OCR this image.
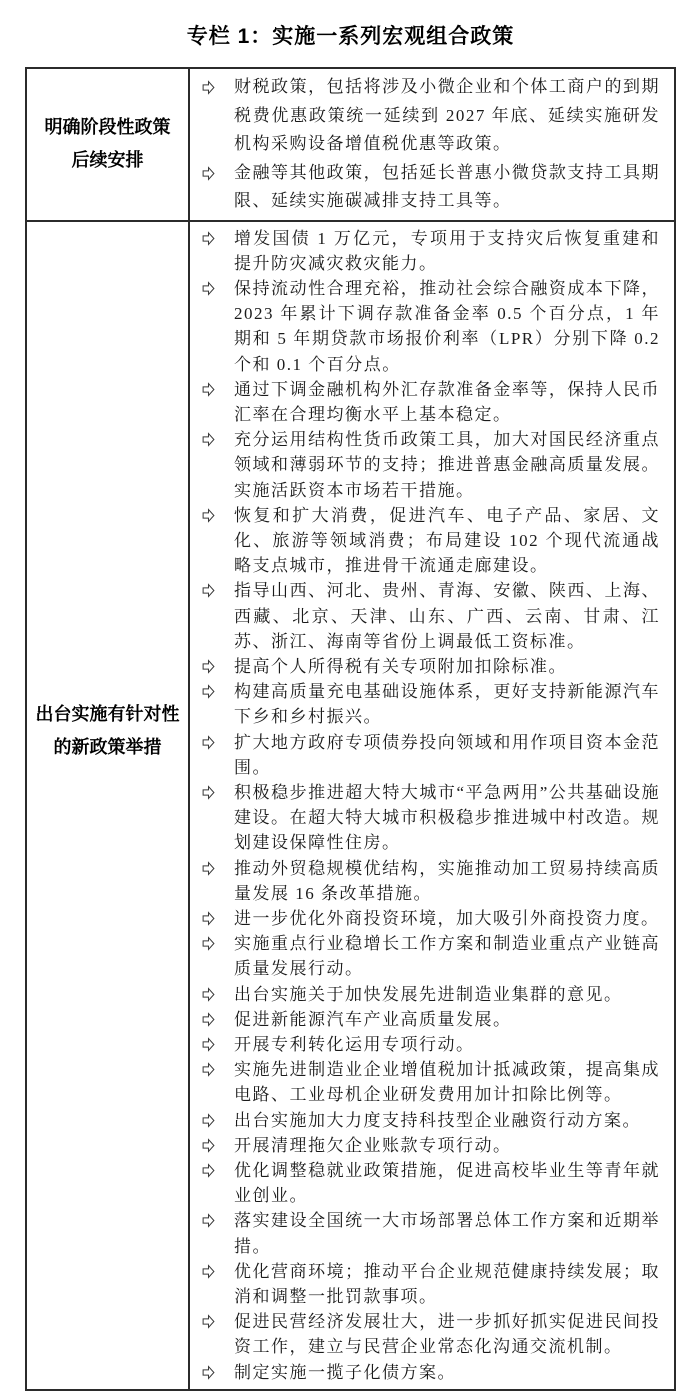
专栏 1：实施一系列宏观组合政策
明确阶段性政策
后续安排
财税政策，包括将涉及小微企业和个体工商户的到期税费优惠政策统一延续到 2027 年底、延续实施研发机构采购设备增值税优惠等政策。
金融等其他政策，包括延长普惠小微贷款支持工具期限、延续实施碳减排支持工具等。
出台实施有针对性
的新政策举措
增发国债 1 万亿元，专项用于支持灾后恢复重建和提升防灾减灾救灾能力。
保持流动性合理充裕，推动社会综合融资成本下降，2023 年累计下调存款准备金率 0.5 个百分点，1 年期和 5 年期贷款市场报价利率（LPR）分别下降 0.2 个和 0.1 个百分点。
通过下调金融机构外汇存款准备金率等，保持人民币汇率在合理均衡水平上基本稳定。
充分运用结构性货币政策工具，加大对国民经济重点领域和薄弱环节的支持；推进普惠金融高质量发展。实施活跃资本市场若干措施。
恢复和扩大消费，促进汽车、电子产品、家居、文化、旅游等领域消费；布局建设 102 个现代流通战略支点城市，推进骨干流通走廊建设。
指导山西、河北、贵州、青海、安徽、陕西、上海、西藏、北京、天津、山东、广西、云南、甘肃、江苏、浙江、海南等省份上调最低工资标准。
提高个人所得税有关专项附加扣除标准。
构建高质量充电基础设施体系，更好支持新能源汽车下乡和乡村振兴。
扩大地方政府专项债券投向领域和用作项目资本金范围。
积极稳步推进超大特大城市“平急两用”公共基础设施建设。在超大特大城市积极稳步推进城中村改造。规划建设保障性住房。
推动外贸稳规模优结构，实施推动加工贸易持续高质量发展 16 条改革措施。
进一步优化外商投资环境，加大吸引外商投资力度。
实施重点行业稳增长工作方案和制造业重点产业链高质量发展行动。
出台实施关于加快发展先进制造业集群的意见。
促进新能源汽车产业高质量发展。
开展专利转化运用专项行动。
实施先进制造业企业增值税加计抵减政策，提高集成电路、工业母机企业研发费用加计扣除比例等。
出台实施加大力度支持科技型企业融资行动方案。
开展清理拖欠企业账款专项行动。
优化调整稳就业政策措施，促进高校毕业生等青年就业创业。
落实建设全国统一大市场部署总体工作方案和近期举措。
优化营商环境；推动平台企业规范健康持续发展；取消和调整一批罚款事项。
促进民营经济发展壮大，进一步抓好抓实促进民间投资工作，建立与民营企业常态化沟通交流机制。
制定实施一揽子化债方案。
